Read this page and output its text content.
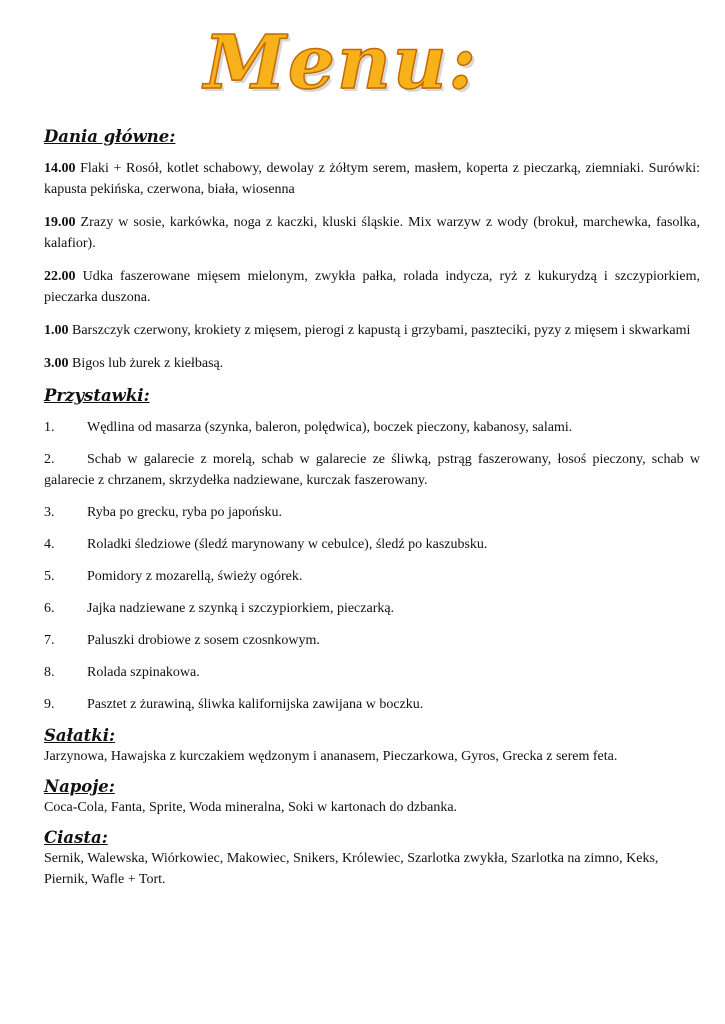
Menu:
Dania główne:

14.00 Flaki + Rosół, kotlet schabowy, dewolay z żółtym serem, masłem, koperta z pieczarką, ziemniaki. Surówki: kapusta pekińska, czerwona, biała, wiosenna

19.00 Zrazy w sosie, karkówka, noga z kaczki, kluski śląskie. Mix warzyw z wody (brokuł, marchewka, fasolka, kalafior).

22.00 Udka faszerowane mięsem mielonym, zwykła pałka, rolada indycza, ryż z kukurydzą i szczypiorkiem, pieczarka duszona.

1.00 Barszczyk czerwony, krokiety z mięsem, pierogi z kapustą i grzybami, paszteciki, pyzy z mięsem i skwarkami

3.00 Bigos lub żurek z kiełbasą.

Przystawki:

1. Wędlina od masarza (szynka, baleron, polędwica), boczek pieczony, kabanosy, salami.

2. Schab w galarecie z morelą, schab w galarecie ze śliwką, pstrąg faszerowany, łosoś pieczony, schab w galarecie z chrzanem, skrzydełka nadziewane, kurczak faszerowany.

3. Ryba po grecku, ryba po japońsku.

4. Roladki śledziowe (śledź marynowany w cebulce), śledź po kaszubsku.

5. Pomidory z mozarellą, świeży ogórek.

6. Jajka nadziewane z szynką i szczypiorkiem, pieczarką.

7. Paluszki drobiowe z sosem czosnkowym.

8. Rolada szpinakowa.

9. Pasztet z żurawiną, śliwka kalifornijska zawijana w boczku.

Sałatki:

Jarzynowa, Hawajska z kurczakiem wędzonym i ananasem, Pieczarkowa, Gyros, Grecka z serem feta.

Napoje:

Coca-Cola, Fanta, Sprite, Woda mineralna, Soki w kartonach do dzbanka.

Ciasta:

Sernik, Walewska, Wiórkowiec, Makowiec, Snikers, Królewiec, Szarlotka zwykła, Szarlotka na zimno, Keks, Piernik, Wafle + Tort.
